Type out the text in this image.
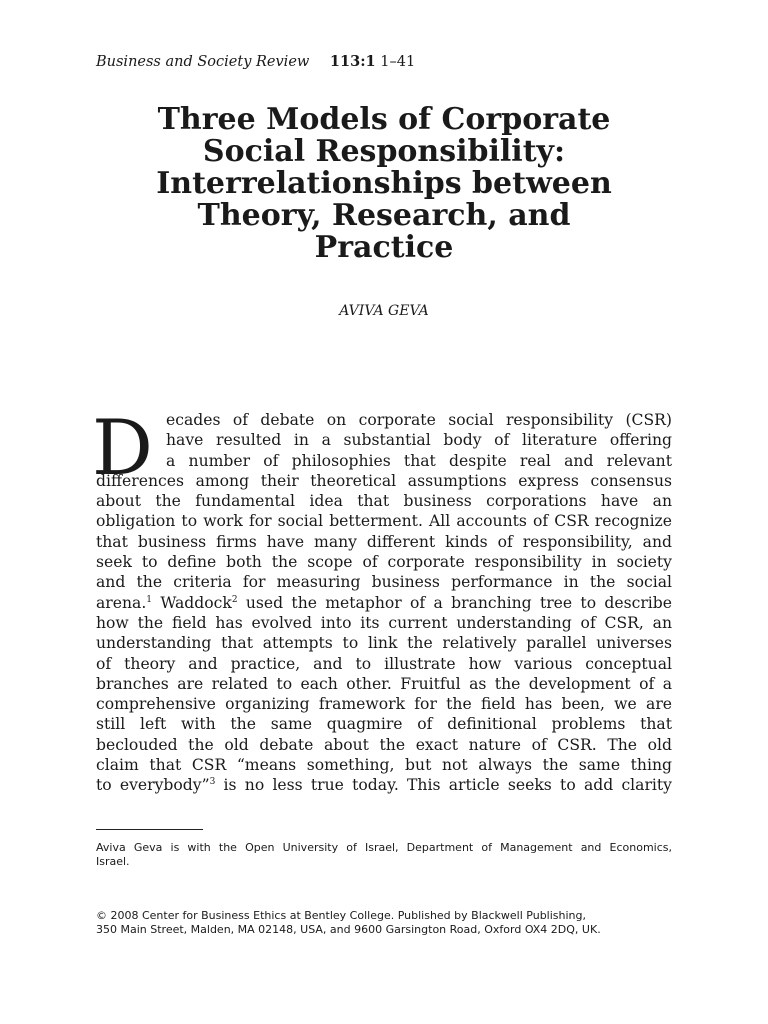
Business and Society Review 113:1 1–41
Three Models of Corporate
Social Responsibility:
Interrelationships between
Theory, Research, and
Practice
AVIVA GEVA
D ecades of debate on corporate social responsibility (CSR)
have resulted in a substantial body of literature offering
a number of philosophies that despite real and relevant
differences among their theoretical assumptions express consensus
about the fundamental idea that business corporations have an
obligation to work for social betterment. All accounts of CSR recognize
that business firms have many different kinds of responsibility, and
seek to define both the scope of corporate responsibility in society
and the criteria for measuring business performance in the social
arena.$^1$ Waddock$^2$ used the metaphor of a branching tree to describe
how the field has evolved into its current understanding of CSR, an
understanding that attempts to link the relatively parallel universes
of theory and practice, and to illustrate how various conceptual
branches are related to each other. Fruitful as the development of a
comprehensive organizing framework for the field has been, we are
still left with the same quagmire of definitional problems that
beclouded the old debate about the exact nature of CSR. The old
claim that CSR “means something, but not always the same thing
to everybody”$^3$ is no less true today. This article seeks to add clarity
Aviva Geva is with the Open University of Israel, Department of Management and Economics,
Israel.
© 2008 Center for Business Ethics at Bentley College. Published by Blackwell Publishing,
350 Main Street, Malden, MA 02148, USA, and 9600 Garsington Road, Oxford OX4 2DQ, UK.
